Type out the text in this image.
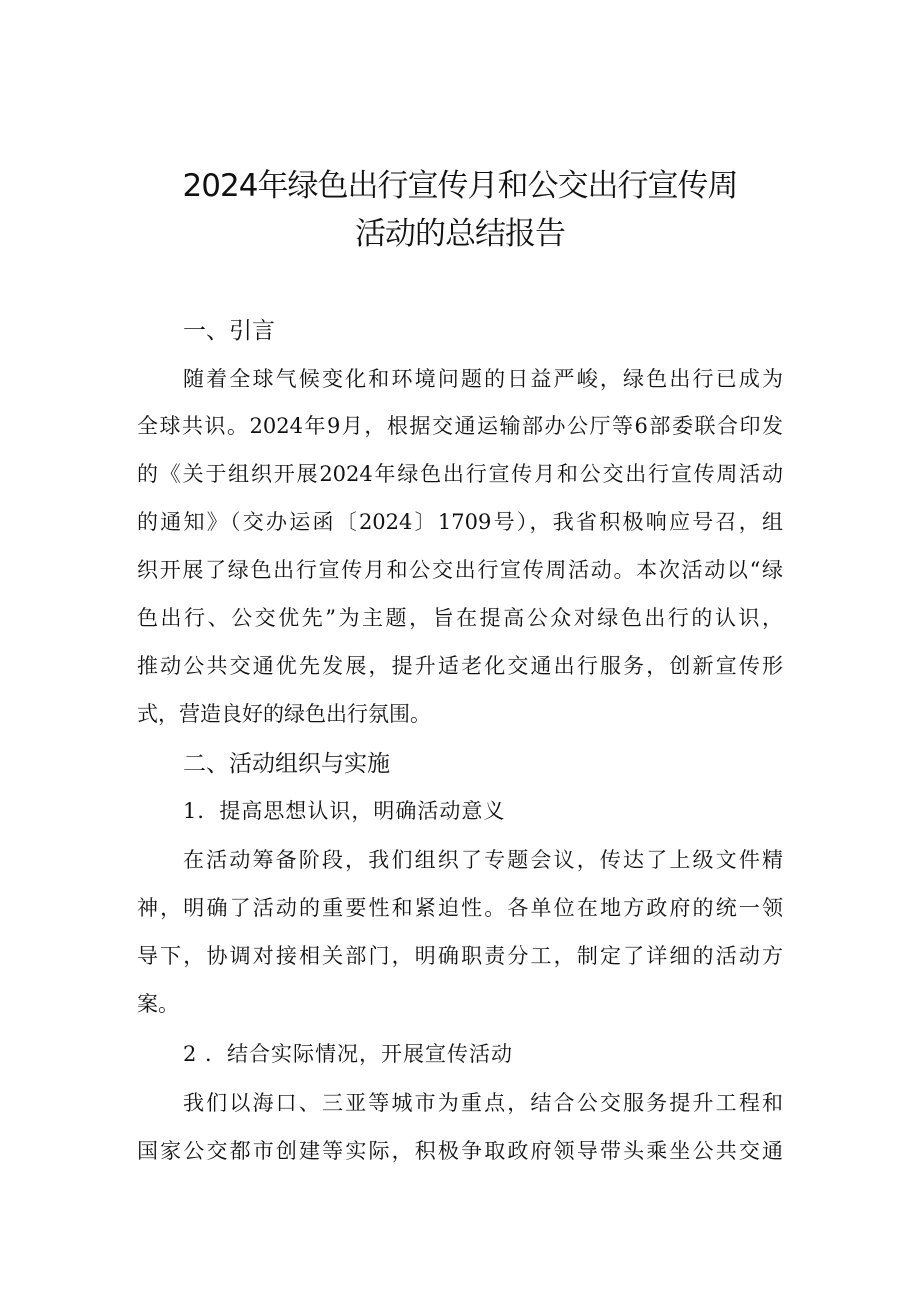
2024年绿色出行宣传月和公交出行宣传周
活动的总结报告
一、引言
随着全球气候变化和环境问题的日益严峻，绿色出行已成为
全球共识。2024年9月，根据交通运输部办公厅等6部委联合印发
的《关于组织开展2024年绿色出行宣传月和公交出行宣传周活动
的通知》（交办运函〔2024〕1709号），我省积极响应号召，组
织开展了绿色出行宣传月和公交出行宣传周活动。本次活动以“绿
色出行、公交优先”为主题，旨在提高公众对绿色出行的认识，
推动公共交通优先发展，提升适老化交通出行服务，创新宣传形
式，营造良好的绿色出行氛围。
二、活动组织与实施
1．提高思想认识，明确活动意义
在活动筹备阶段，我们组织了专题会议，传达了上级文件精
神，明确了活动的重要性和紧迫性。各单位在地方政府的统一领
导下，协调对接相关部门，明确职责分工，制定了详细的活动方
案。
2 ．结合实际情况，开展宣传活动
我们以海口、三亚等城市为重点，结合公交服务提升工程和
国家公交都市创建等实际，积极争取政府领导带头乘坐公共交通
